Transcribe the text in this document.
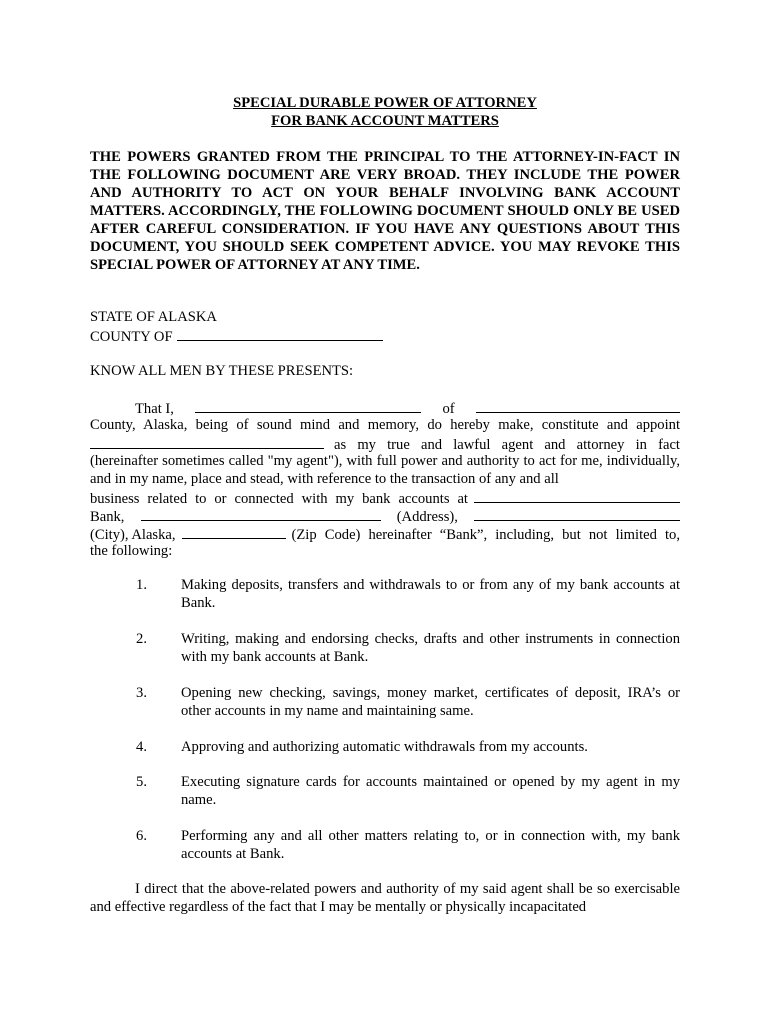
SPECIAL DURABLE POWER OF ATTORNEY

FOR BANK ACCOUNT MATTERS

THE POWERS GRANTED FROM THE PRINCIPAL TO THE ATTORNEY-IN-FACT IN THE FOLLOWING DOCUMENT ARE VERY BROAD. THEY INCLUDE THE POWER AND AUTHORITY TO ACT ON YOUR BEHALF INVOLVING BANK ACCOUNT MATTERS. ACCORDINGLY, THE FOLLOWING DOCUMENT SHOULD ONLY BE USED AFTER CAREFUL CONSIDERATION. IF YOU HAVE ANY QUESTIONS ABOUT THIS DOCUMENT, YOU SHOULD SEEK COMPETENT ADVICE. YOU MAY REVOKE THIS SPECIAL POWER OF ATTORNEY AT ANY TIME.

STATE OF ALASKA

COUNTY OF

KNOW ALL MEN BY THESE PRESENTS:

That I,	of

County, Alaska, being of sound mind and memory, do hereby make, constitute and appoint

as my true and lawful agent and attorney in fact

(hereinafter sometimes called "my agent"), with full power and authority to act for me, individually, and in my name, place and stead, with reference to the transaction of any and all

business related to or connected with my bank accounts at
Bank,	(Address),
(City), Alaska,	(Zip Code) hereinafter “Bank”, including, but not limited to,

the following:

1.	Making deposits, transfers and withdrawals to or from any of my bank accounts at Bank.
2.	Writing, making and endorsing checks, drafts and other instruments in connection with my bank accounts at Bank.
3.	Opening new checking, savings, money market, certificates of deposit, IRA’s or other accounts in my name and maintaining same.
4.	Approving and authorizing automatic withdrawals from my accounts.
5.	Executing signature cards for accounts maintained or opened by my agent in my name.
6.	Performing any and all other matters relating to, or in connection with, my bank accounts at Bank.

I direct that the above-related powers and authority of my said agent shall be so exercisable and effective regardless of the fact that I may be mentally or physically incapacitated
